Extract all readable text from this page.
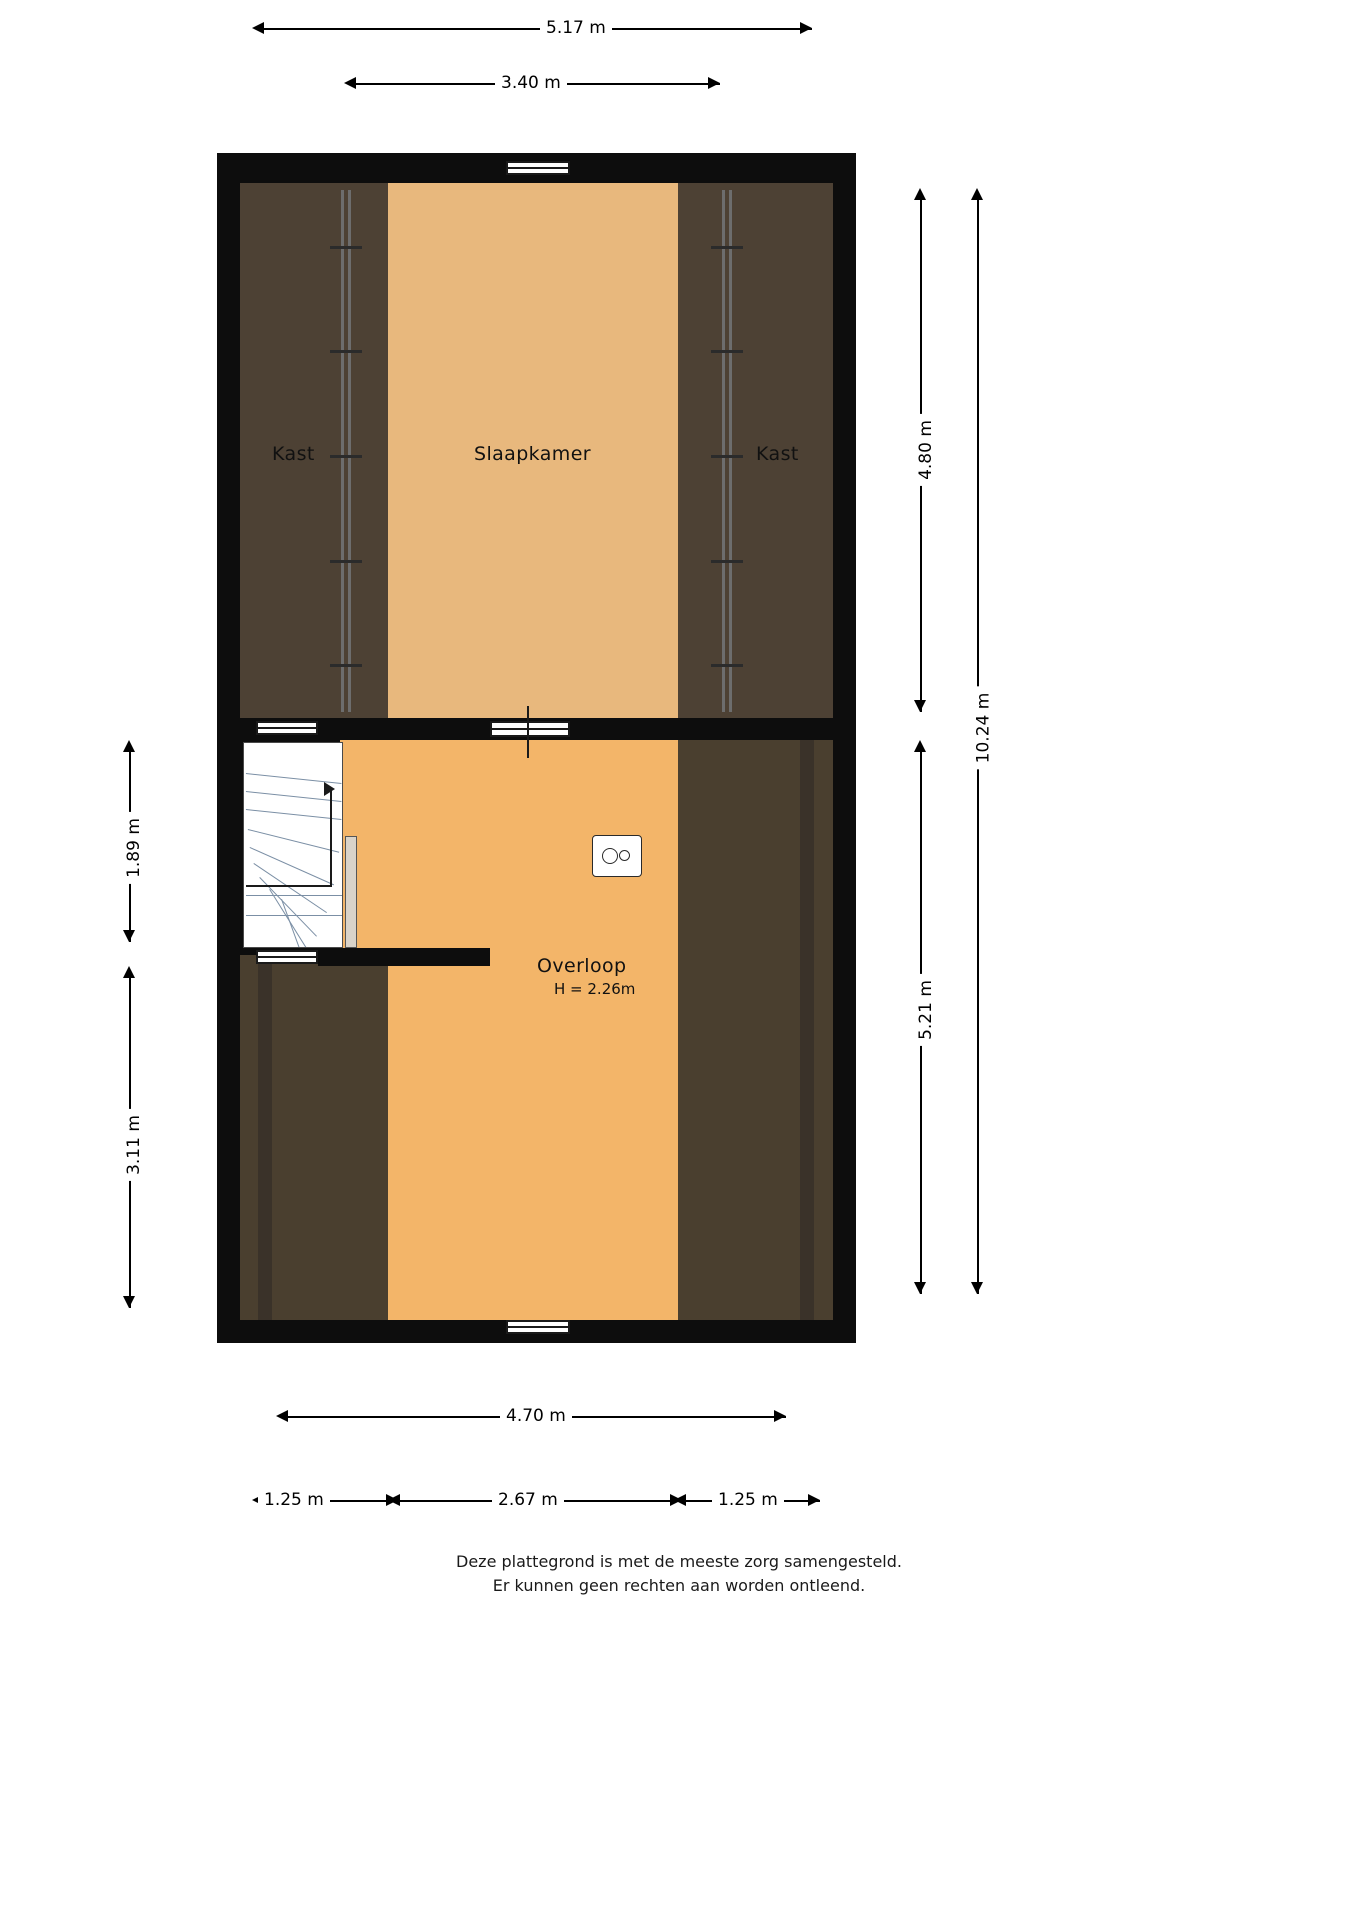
5.17 m
3.40 m
Kast	Slaapkamer	Kast
Overloop
H = 2.26m
1.89 m
3.11 m
4.80 m
5.21 m
10.24 m
4.70 m
1.25 m	2.67 m	1.25 m
Deze plattegrond is met de meeste zorg samengesteld.
Er kunnen geen rechten aan worden ontleend.
